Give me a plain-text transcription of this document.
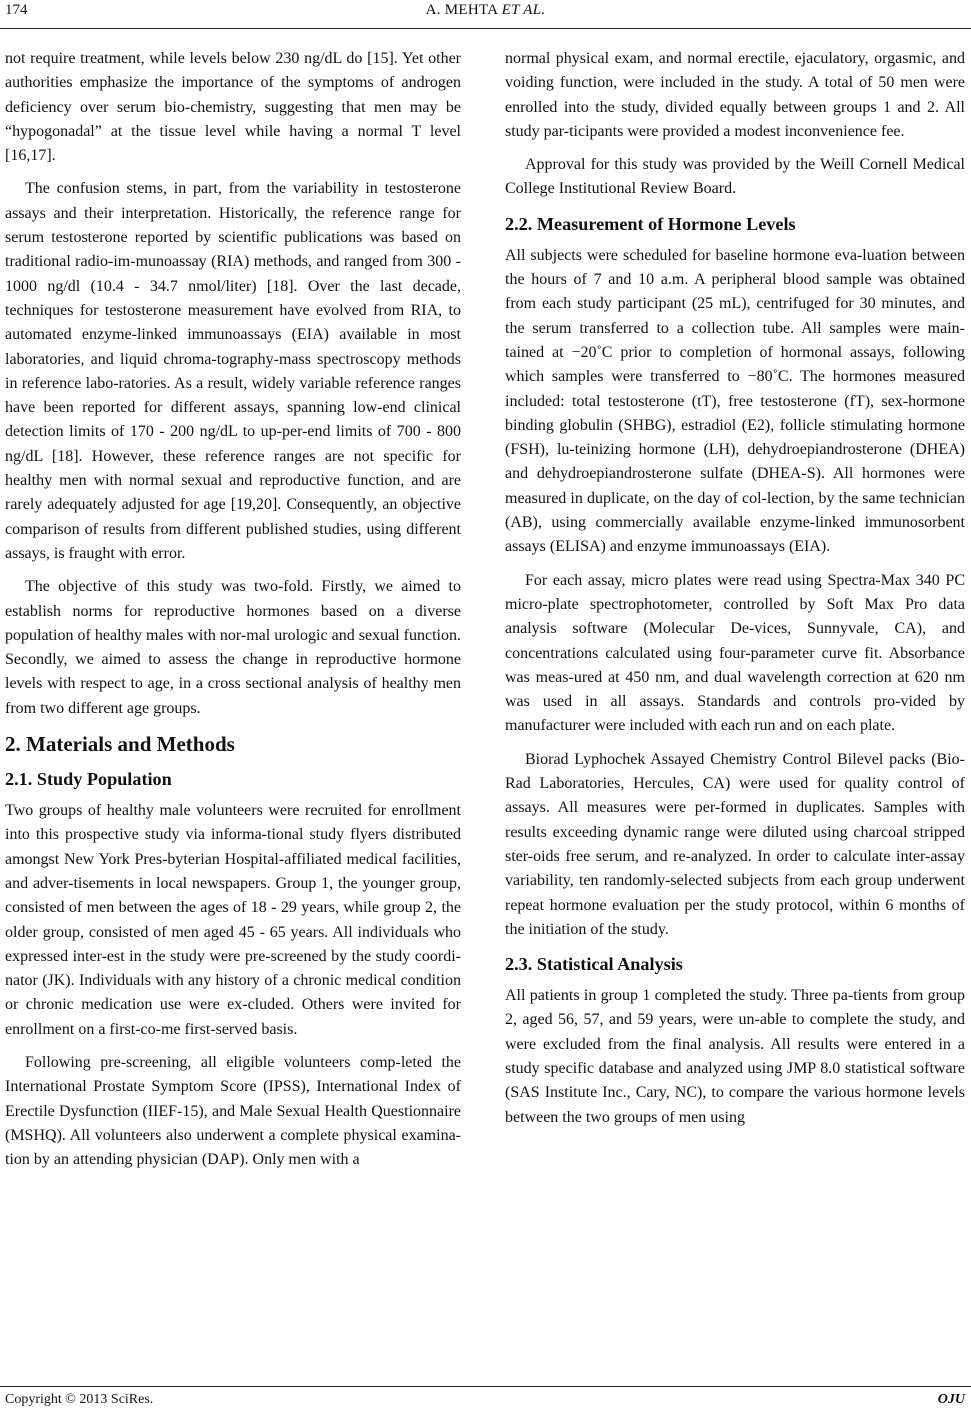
174	A. MEHTA ET AL.

not require treatment, while levels below 230 ng/dL do [15]. Yet other authorities emphasize the importance of the symptoms of androgen deficiency over serum bio-chemistry, suggesting that men may be “hypogonadal” at the tissue level while having a normal T level [16,17].

The confusion stems, in part, from the variability in testosterone assays and their interpretation. Historically, the reference range for serum testosterone reported by scientific publications was based on traditional radio-im-munoassay (RIA) methods, and ranged from 300 - 1000 ng/dl (10.4 - 34.7 nmol/liter) [18]. Over the last decade, techniques for testosterone measurement have evolved from RIA, to automated enzyme-linked immunoassays (EIA) available in most laboratories, and liquid chroma-tography-mass spectroscopy methods in reference labo-ratories. As a result, widely variable reference ranges have been reported for different assays, spanning low-end clinical detection limits of 170 - 200 ng/dL to up-per-end limits of 700 - 800 ng/dL [18]. However, these reference ranges are not specific for healthy men with normal sexual and reproductive function, and are rarely adequately adjusted for age [19,20]. Consequently, an objective comparison of results from different published studies, using different assays, is fraught with error.

The objective of this study was two-fold. Firstly, we aimed to establish norms for reproductive hormones based on a diverse population of healthy males with nor-mal urologic and sexual function. Secondly, we aimed to assess the change in reproductive hormone levels with respect to age, in a cross sectional analysis of healthy men from two different age groups.

2. Materials and Methods
2.1. Study Population

Two groups of healthy male volunteers were recruited for enrollment into this prospective study via informa-tional study flyers distributed amongst New York Pres-byterian Hospital-affiliated medical facilities, and adver-tisements in local newspapers. Group 1, the younger group, consisted of men between the ages of 18 - 29 years, while group 2, the older group, consisted of men aged 45 - 65 years. All individuals who expressed inter-est in the study were pre-screened by the study coordi-nator (JK). Individuals with any history of a chronic medical condition or chronic medication use were ex-cluded. Others were invited for enrollment on a first-co-me first-served basis.

Following pre-screening, all eligible volunteers comp-leted the International Prostate Symptom Score (IPSS), International Index of Erectile Dysfunction (IIEF-15), and Male Sexual Health Questionnaire (MSHQ). All volunteers also underwent a complete physical examina-tion by an attending physician (DAP). Only men with a

normal physical exam, and normal erectile, ejaculatory, orgasmic, and voiding function, were included in the study. A total of 50 men were enrolled into the study, divided equally between groups 1 and 2. All study par-ticipants were provided a modest inconvenience fee.

Approval for this study was provided by the Weill Cornell Medical College Institutional Review Board.

2.2. Measurement of Hormone Levels

All subjects were scheduled for baseline hormone eva-luation between the hours of 7 and 10 a.m. A peripheral blood sample was obtained from each study participant (25 mL), centrifuged for 30 minutes, and the serum transferred to a collection tube. All samples were main-tained at −20˚C prior to completion of hormonal assays, following which samples were transferred to −80˚C. The hormones measured included: total testosterone (tT), free testosterone (fT), sex-hormone binding globulin (SHBG), estradiol (E2), follicle stimulating hormone (FSH), lu-teinizing hormone (LH), dehydroepiandrosterone (DHEA) and dehydroepiandrosterone sulfate (DHEA-S). All hormones were measured in duplicate, on the day of col-lection, by the same technician (AB), using commercially available enzyme-linked immunosorbent assays (ELISA) and enzyme immunoassays (EIA).

For each assay, micro plates were read using Spectra-Max 340 PC micro-plate spectrophotometer, controlled by Soft Max Pro data analysis software (Molecular De-vices, Sunnyvale, CA), and concentrations calculated using four-parameter curve fit. Absorbance was meas-ured at 450 nm, and dual wavelength correction at 620 nm was used in all assays. Standards and controls pro-vided by manufacturer were included with each run and on each plate.

Biorad Lyphochek Assayed Chemistry Control Bilevel packs (Bio-Rad Laboratories, Hercules, CA) were used for quality control of assays. All measures were per-formed in duplicates. Samples with results exceeding dynamic range were diluted using charcoal stripped ster-oids free serum, and re-analyzed. In order to calculate inter-assay variability, ten randomly-selected subjects from each group underwent repeat hormone evaluation per the study protocol, within 6 months of the initiation of the study.

2.3. Statistical Analysis

All patients in group 1 completed the study. Three pa-tients from group 2, aged 56, 57, and 59 years, were un-able to complete the study, and were excluded from the final analysis. All results were entered in a study specific database and analyzed using JMP 8.0 statistical software (SAS Institute Inc., Cary, NC), to compare the various hormone levels between the two groups of men using

Copyright © 2013 SciRes.	OJU
